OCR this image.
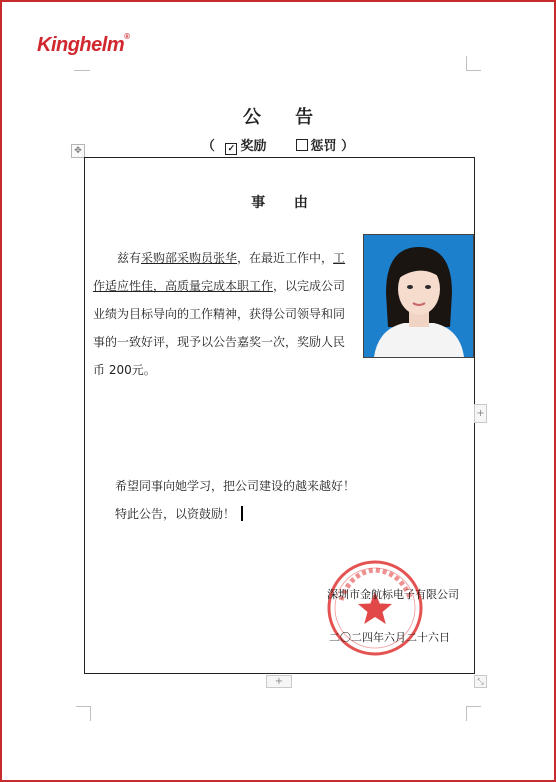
Kinghelm®
公 告
（ ✓ 奖励	惩罚 ）
✥
事 由
兹有采购部采购员张华，在最近工作中，工
作适应性佳，高质量完成本职工作，以完成公司
业绩为目标导向的工作精神，获得公司领导和同
事的一致好评，现予以公告嘉奖一次，奖励人民
币 200元。
希望同事向她学习，把公司建设的越来越好！
特此公告，以资鼓励！
深圳市金航标电子有限公司
二〇二四年六月二十六日
+
+	⤡
